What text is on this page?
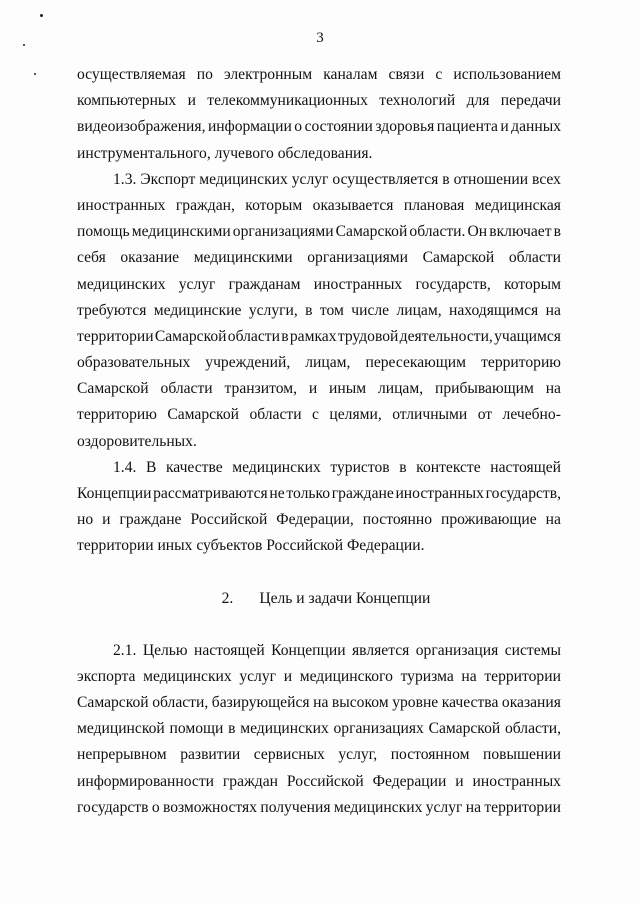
3
осуществляемая по электронным каналам связи с использованием
компьютерных и телекоммуникационных технологий для передачи
видеоизображения, информации о состоянии здоровья пациента и данных
инструментального, лучевого обследования.
1.3. Экспорт медицинских услуг осуществляется в отношении всех
иностранных граждан, которым оказывается плановая медицинская
помощь медицинскими организациями Самарской области. Он включает в
себя оказание медицинскими организациями Самарской области
медицинских услуг гражданам иностранных государств, которым
требуются медицинские услуги, в том числе лицам, находящимся на
территории Самарской области в рамках трудовой деятельности, учащимся
образовательных учреждений, лицам, пересекающим территорию
Самарской области транзитом, и иным лицам, прибывающим на
территорию Самарской области с целями, отличными от лечебно-
оздоровительных.
1.4. В качестве медицинских туристов в контексте настоящей
Концепции рассматриваются не только граждане иностранных государств,
но и граждане Российской Федерации, постоянно проживающие на
территории иных субъектов Российской Федерации.
2. Цель и задачи Концепции
2.1. Целью настоящей Концепции является организация системы
экспорта медицинских услуг и медицинского туризма на территории
Самарской области, базирующейся на высоком уровне качества оказания
медицинской помощи в медицинских организациях Самарской области,
непрерывном развитии сервисных услуг, постоянном повышении
информированности граждан Российской Федерации и иностранных
государств о возможностях получения медицинских услуг на территории
